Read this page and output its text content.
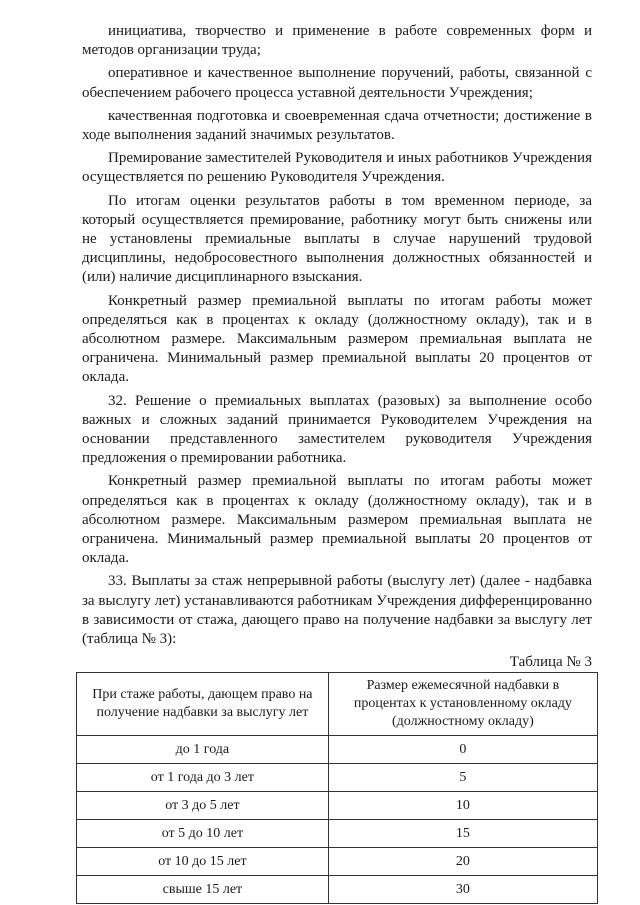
инициатива, творчество и применение в работе современных форм и методов организации труда;

оперативное и качественное выполнение поручений, работы, связанной с обеспечением рабочего процесса уставной деятельности Учреждения;

качественная подготовка и своевременная сдача отчетности; достижение в ходе выполнения заданий значимых результатов.

Премирование заместителей Руководителя и иных работников Учреждения осуществляется по решению Руководителя Учреждения.

По итогам оценки результатов работы в том временном периоде, за который осуществляется премирование, работнику могут быть снижены или не установлены премиальные выплаты в случае нарушений трудовой дисциплины, недобросовестного выполнения должностных обязанностей и (или) наличие дисциплинарного взыскания.

Конкретный размер премиальной выплаты по итогам работы может определяться как в процентах к окладу (должностному окладу), так и в абсолютном размере. Максимальным размером премиальная выплата не ограничена. Минимальный размер премиальной выплаты 20 процентов от оклада.

32. Решение о премиальных выплатах (разовых) за выполнение особо важных и сложных заданий принимается Руководителем Учреждения на основании представленного заместителем руководителя Учреждения предложения о премировании работника.

Конкретный размер премиальной выплаты по итогам работы может определяться как в процентах к окладу (должностному окладу), так и в абсолютном размере. Максимальным размером премиальная выплата не ограничена. Минимальный размер премиальной выплаты 20 процентов от оклада.

33. Выплаты за стаж непрерывной работы (выслугу лет) (далее - надбавка за выслугу лет) устанавливаются работникам Учреждения дифференцированно в зависимости от стажа, дающего право на получение надбавки за выслугу лет (таблица № 3):

Таблица № 3

При стаже работы, дающем право на получение надбавки за выслугу лет	Размер ежемесячной надбавки в процентах к установленному окладу (должностному окладу)
до 1 года	0
от 1 года до 3 лет	5
от 3 до 5 лет	10
от 5 до 10 лет	15
от 10 до 15 лет	20
свыше 15 лет	30
